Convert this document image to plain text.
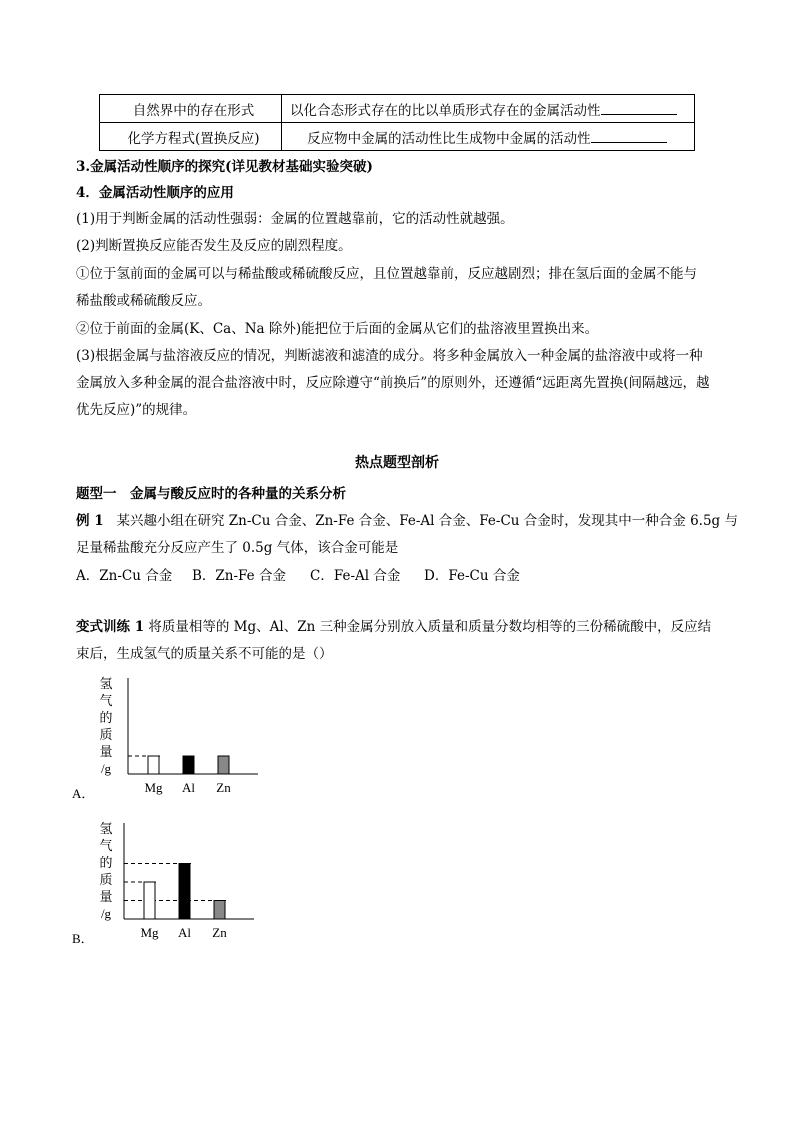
自然界中的存在形式	以化合态形式存在的比以单质形式存在的金属活动性
化学方程式(置换反应)	反应物中金属的活动性比生成物中金属的活动性
3.金属活动性顺序的探究(详见教材基础实验突破)
4．金属活动性顺序的应用
(1)用于判断金属的活动性强弱：金属的位置越靠前，它的活动性就越强。
(2)判断置换反应能否发生及反应的剧烈程度。
①位于氢前面的金属可以与稀盐酸或稀硫酸反应，且位置越靠前，反应越剧烈；排在氢后面的金属不能与
稀盐酸或稀硫酸反应。
②位于前面的金属(K、Ca、Na 除外)能把位于后面的金属从它们的盐溶液里置换出来。
(3)根据金属与盐溶液反应的情况，判断滤液和滤渣的成分。将多种金属放入一种金属的盐溶液中或将一种
金属放入多种金属的混合盐溶液中时，反应除遵守“前换后”的原则外，还遵循“远距离先置换(间隔越远，越
优先反应)”的规律。
热点题型剖析
题型一　金属与酸反应时的各种量的关系分析
例 1 某兴趣小组在研究 Zn-Cu 合金、Zn-Fe 合金、Fe-Al 合金、Fe-Cu 合金时，发现其中一种合金 6.5g 与
足量稀盐酸充分反应产生了 0.5g 气体，该合金可能是
A．Zn-Cu 合金 B．Zn-Fe 合金 C．Fe-Al 合金 D．Fe-Cu 合金
变式训练 1 将质量相等的 Mg、Al、Zn 三种金属分别放入质量和质量分数均相等的三份稀硫酸中，反应结
束后，生成氢气的质量关系不可能的是（）
氢
气
的
质
量
/g
Mg Al Zn
A．
氢
气
的
质
量
/g
Mg Al Zn
B．
